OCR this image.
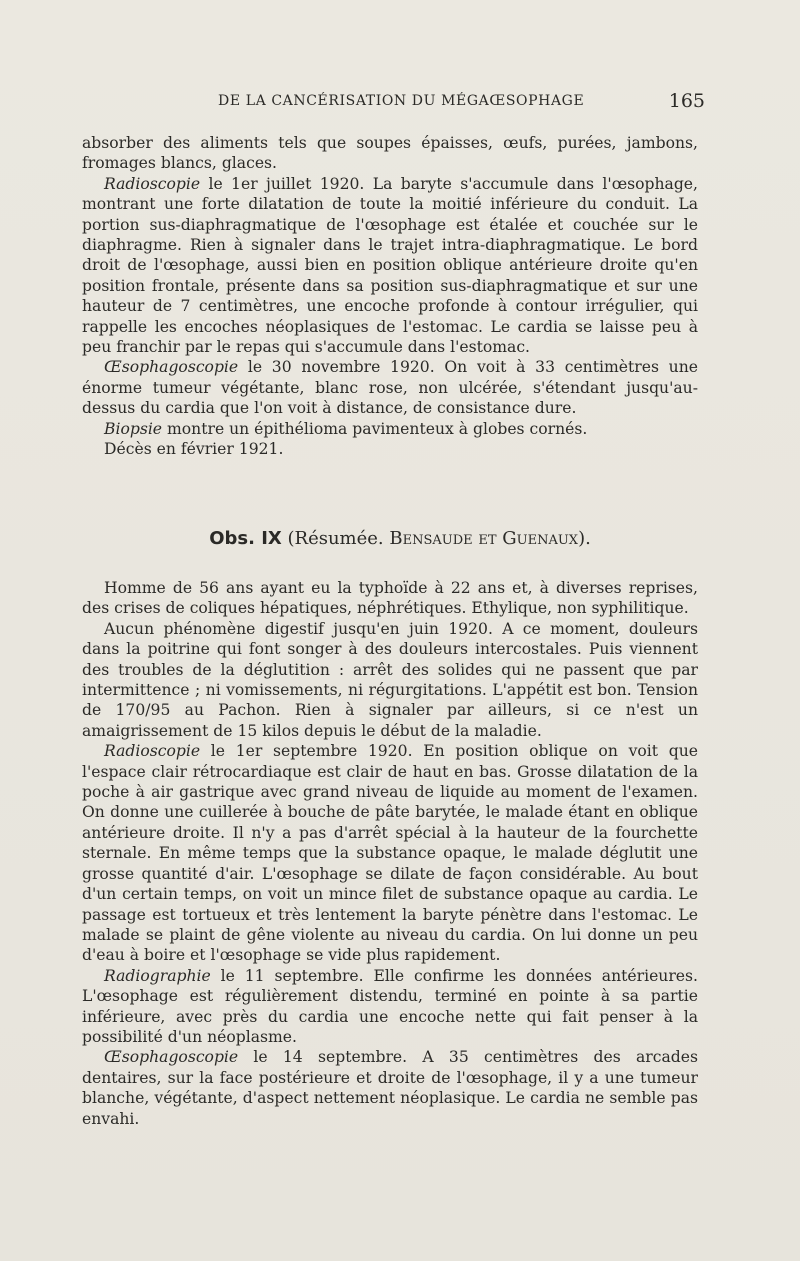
DE LA CANCÉRISATION DU MÉGAŒSOPHAGE	165

absorber des aliments tels que soupes épaisses, œufs, purées, jambons, fromages blancs, glaces.

Radioscopie le 1er juillet 1920. La baryte s'accumule dans l'œsophage, montrant une forte dilatation de toute la moitié inférieure du conduit. La portion sus-diaphragmatique de l'œsophage est étalée et couchée sur le diaphragme. Rien à signaler dans le trajet intra-diaphragmatique. Le bord droit de l'œsophage, aussi bien en position oblique antérieure droite qu'en position frontale, présente dans sa position sus-diaphragmatique et sur une hauteur de 7 centimètres, une encoche profonde à contour irrégulier, qui rappelle les encoches néoplasiques de l'estomac. Le cardia se laisse peu à peu franchir par le repas qui s'accumule dans l'estomac.

Œsophagoscopie le 30 novembre 1920. On voit à 33 centimètres une énorme tumeur végétante, blanc rose, non ulcérée, s'étendant jusqu'au-dessus du cardia que l'on voit à distance, de consistance dure.

Biopsie montre un épithélioma pavimenteux à globes cornés.

Décès en février 1921.

Obs. IX (Résumée. Bensaude et Guenaux).

Homme de 56 ans ayant eu la typhoïde à 22 ans et, à diverses reprises, des crises de coliques hépatiques, néphrétiques. Ethylique, non syphilitique.

Aucun phénomène digestif jusqu'en juin 1920. A ce moment, douleurs dans la poitrine qui font songer à des douleurs intercostales. Puis viennent des troubles de la déglutition : arrêt des solides qui ne passent que par intermittence ; ni vomissements, ni régurgitations. L'appétit est bon. Tension de 170/95 au Pachon. Rien à signaler par ailleurs, si ce n'est un amaigrissement de 15 kilos depuis le début de la maladie.

Radioscopie le 1er septembre 1920. En position oblique on voit que l'espace clair rétrocardiaque est clair de haut en bas. Grosse dilatation de la poche à air gastrique avec grand niveau de liquide au moment de l'examen. On donne une cuillerée à bouche de pâte barytée, le malade étant en oblique antérieure droite. Il n'y a pas d'arrêt spécial à la hauteur de la fourchette sternale. En même temps que la substance opaque, le malade déglutit une grosse quantité d'air. L'œsophage se dilate de façon considérable. Au bout d'un certain temps, on voit un mince filet de substance opaque au cardia. Le passage est tortueux et très lentement la baryte pénètre dans l'estomac. Le malade se plaint de gêne violente au niveau du cardia. On lui donne un peu d'eau à boire et l'œsophage se vide plus rapidement.

Radiographie le 11 septembre. Elle confirme les données antérieures. L'œsophage est régulièrement distendu, terminé en pointe à sa partie inférieure, avec près du cardia une encoche nette qui fait penser à la possibilité d'un néoplasme.

Œsophagoscopie le 14 septembre. A 35 centimètres des arcades dentaires, sur la face postérieure et droite de l'œsophage, il y a une tumeur blanche, végétante, d'aspect nettement néoplasique. Le cardia ne semble pas envahi.
